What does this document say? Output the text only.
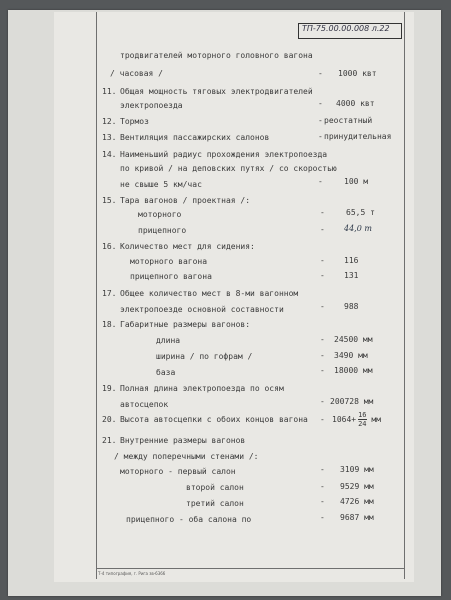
ТП-75.00.00.008 л.22
тродвигателей моторного головного вагона
/ часовая /	- 1000 квт
11. Общая мощность тяговых электродвигателей
электропоезда	- 4000 квт
12. Тормоз	- реостатный
13. Вентиляция пассажирских салонов	- принудительная
14. Наименьший радиус прохождения электропоезда
по кривой / на деповских путях / со скоростью
не свыше 5 км/час	-	100 м
15. Тара вагонов / проектная /:
моторного	-	65,5 т
прицепного	- 44,0 т
16. Количество мест для сидения:
моторного вагона	- 116
прицепного вагона	- 131
17. Общее количество мест в 8-ми вагонном
электропоезде основной составности	- 988
18. Габаритные размеры вагонов:
длина	- 24500 мм
ширина / по гофрам /	- 3490 мм
база	- 18000 мм
19. Полная длина электропоезда по осям
автосцепок	- 200728 мм
20. Высота автосцепки с обоих концов вагона - $1064+ \frac{16}{24}$ мм
21. Внутренние размеры вагонов
/ между поперечными стенами /:
моторного - первый салон	- 3109 мм
второй салон	- 9529 мм
третий салон	- 4726 мм
прицепного - оба салона по	- 9687 мм
Т-4 типография, г. Рига зв-6366
